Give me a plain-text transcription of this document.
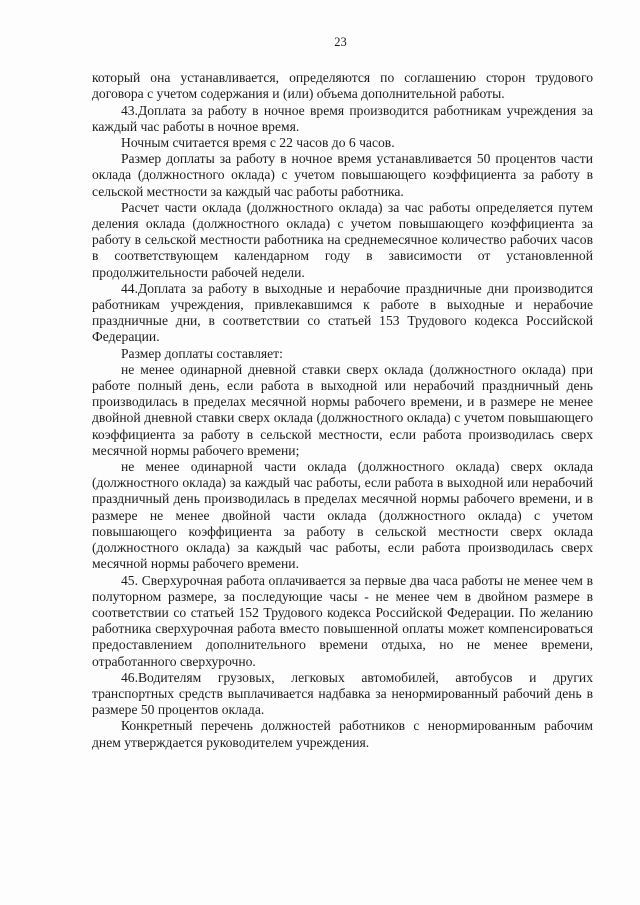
23

который она устанавливается, определяются по соглашению сторон трудового договора с учетом содержания и (или) объема дополнительной работы.

43.Доплата за работу в ночное время производится работникам учреждения за каждый час работы в ночное время.

Ночным считается время с 22 часов до 6 часов.

Размер доплаты за работу в ночное время устанавливается 50 процентов части оклада (должностного оклада) с учетом повышающего коэффициента за работу в сельской местности за каждый час работы работника.

Расчет части оклада (должностного оклада) за час работы определяется путем деления оклада (должностного оклада) с учетом повышающего коэффициента за работу в сельской местности работника на среднемесячное количество рабочих часов в соответствующем календарном году в зависимости от установленной продолжительности рабочей недели.

44.Доплата за работу в выходные и нерабочие праздничные дни производится работникам учреждения, привлекавшимся к работе в выходные и нерабочие праздничные дни, в соответствии со статьей 153 Трудового кодекса Российской Федерации.

Размер доплаты составляет:

не менее одинарной дневной ставки сверх оклада (должностного оклада) при работе полный день, если работа в выходной или нерабочий праздничный день производилась в пределах месячной нормы рабочего времени, и в размере не менее двойной дневной ставки сверх оклада (должностного оклада) с учетом повышающего коэффициента за работу в сельской местности, если работа производилась сверх месячной нормы рабочего времени;

не менее одинарной части оклада (должностного оклада) сверх оклада (должностного оклада) за каждый час работы, если работа в выходной или нерабочий праздничный день производилась в пределах месячной нормы рабочего времени, и в размере не менее двойной части оклада (должностного оклада) с учетом повышающего коэффициента за работу в сельской местности сверх оклада (должностного оклада) за каждый час работы, если работа производилась сверх месячной нормы рабочего времени.

45. Сверхурочная работа оплачивается за первые два часа работы не менее чем в полуторном размере, за последующие часы - не менее чем в двойном размере в соответствии со статьей 152 Трудового кодекса Российской Федерации. По желанию работника сверхурочная работа вместо повышенной оплаты может компенсироваться предоставлением дополнительного времени отдыха, но не менее времени, отработанного сверхурочно.

46.Водителям грузовых, легковых автомобилей, автобусов и других транспортных средств выплачивается надбавка за ненормированный рабочий день в размере 50 процентов оклада.

Конкретный перечень должностей работников с ненормированным рабочим днем утверждается руководителем учреждения.
